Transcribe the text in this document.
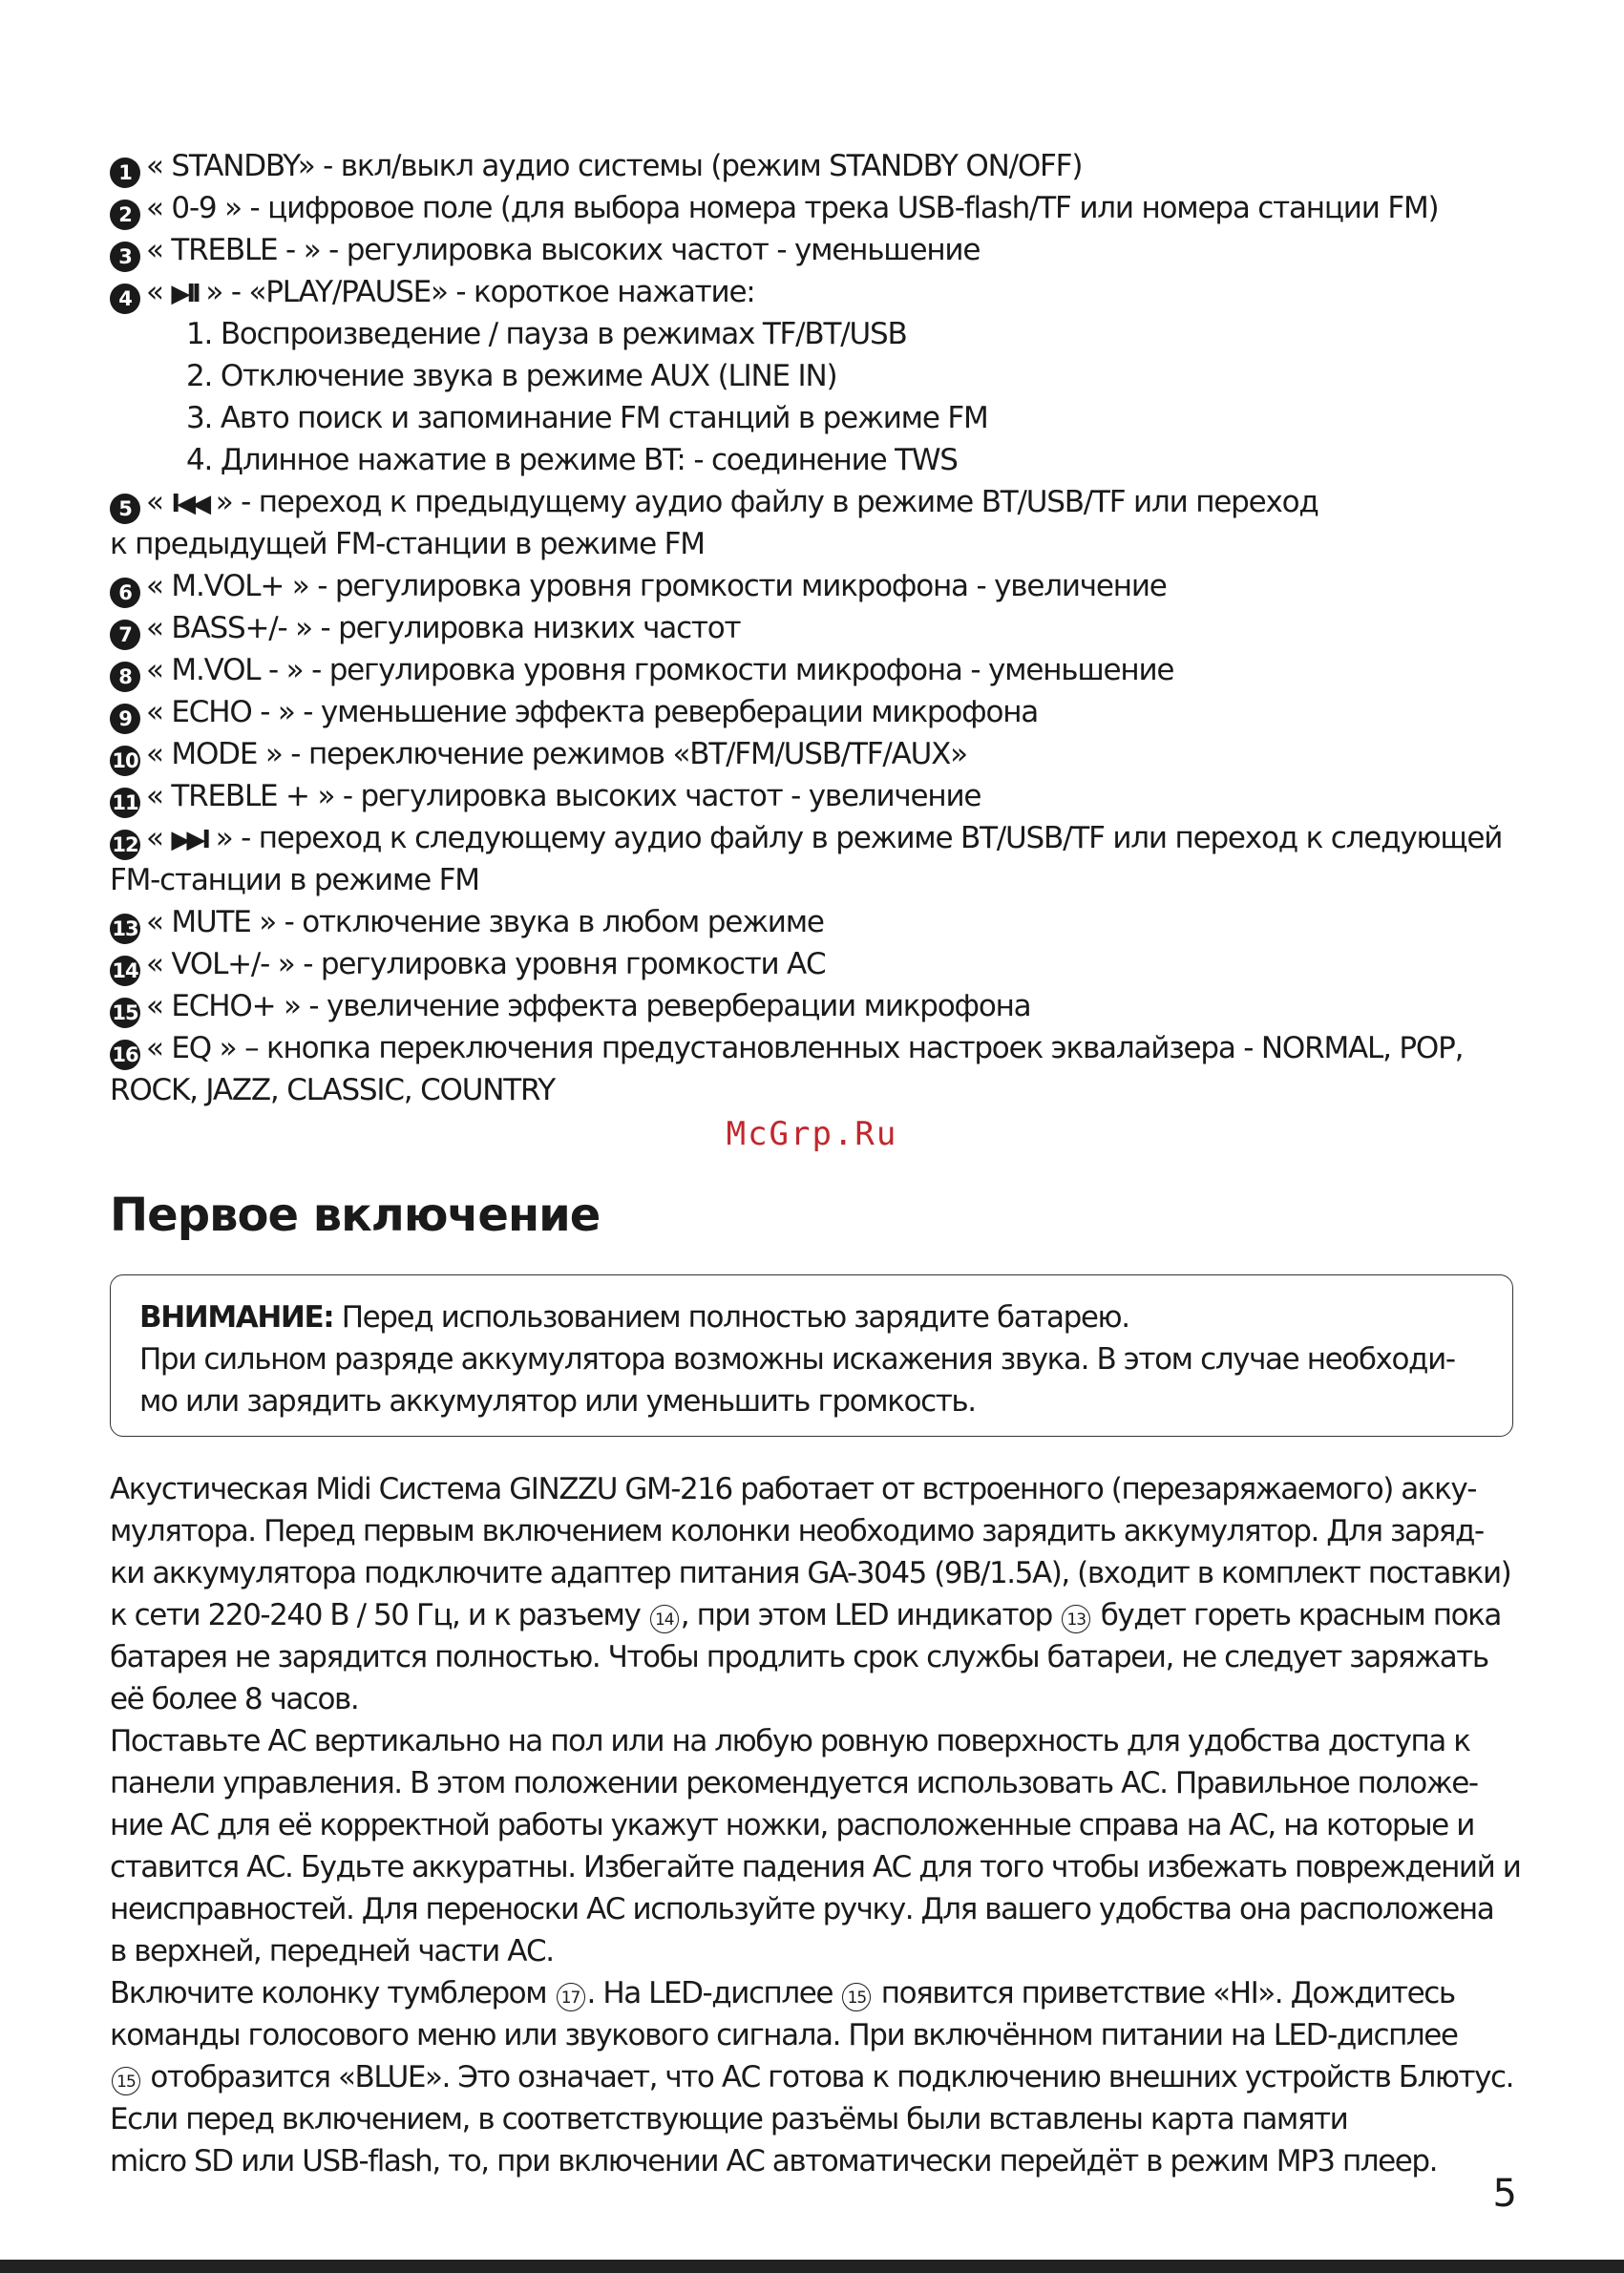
1 « STANDBY» - вкл/выкл аудио системы (режим STANDBY ON/OFF)
2 « 0-9 » - цифровое поле (для выбора номера трека USB-flash/TF или номера станции FM)
3 « TREBLE - » - регулировка высоких частот - уменьшение
4 « ▶II » - «PLAY/PAUSE» - короткое нажатие:
1. Воспроизведение / пауза в режимах TF/BT/USB
2. Отключение звука в режиме AUX (LINE IN)
3. Авто поиск и запоминание FM станций в режиме FM
4. Длинное нажатие в режиме BT: - соединение TWS
5 « I◀◀ » - переход к предыдущему аудио файлу в режиме BT/USB/TF или переход
к предыдущей FM-станции в режиме FM
6 « M.VOL+ » - регулировка уровня громкости микрофона - увеличение
7 « BASS+/- » - регулировка низких частот
8 « M.VOL - » - регулировка уровня громкости микрофона - уменьшение
9 « ECHO - » - уменьшение эффекта реверберации микрофона
10 « MODE » - переключение режимов «BT/FM/USB/TF/AUX»
11 « TREBLE + » - регулировка высоких частот - увеличение
12 « ▶▶I » - переход к следующему аудио файлу в режиме BT/USB/TF или переход к следующей
FM-станции в режиме FM
13 « MUTE » - отключение звука в любом режиме
14 « VOL+/- » - регулировка уровня громкости АС
15 « ECHO+ » - увеличение эффекта реверберации микрофона
16 « EQ » – кнопка переключения предустановленных настроек эквалайзера - NORMAL, POP,
ROCK, JAZZ, CLASSIC, COUNTRY
McGrp.Ru
Первое включение
ВНИМАНИЕ: Перед использованием полностью зарядите батарею.
При сильном разряде аккумулятора возможны искажения звука. В этом случае необходи-
мо или зарядить аккумулятор или уменьшить громкость.
Акустическая Midi Система GINZZU GM-216 работает от встроенного (перезаряжаемого) акку-
мулятора. Перед первым включением колонки необходимо зарядить аккумулятор. Для заряд-
ки аккумулятора подключите адаптер питания GA-3045 (9В/1.5А), (входит в комплект поставки)
к сети 220-240 В / 50 Гц, и к разъему 14 , при этом LED индикатор 13 будет гореть красным пока
батарея не зарядится полностью. Чтобы продлить срок службы батареи, не следует заряжать
её более 8 часов.
Поставьте АС вертикально на пол или на любую ровную поверхность для удобства доступа к
панели управления. В этом положении рекомендуется использовать АС. Правильное положе-
ние АС для её корректной работы укажут ножки, расположенные справа на АС, на которые и
ставится АС. Будьте аккуратны. Избегайте падения АС для того чтобы избежать повреждений и
неисправностей. Для переноски АС используйте ручку. Для вашего удобства она расположена
в верхней, передней части АС.
Включите колонку тумблером 17 . На LED-дисплее 15 появится приветствие «HI». Дождитесь
команды голосового меню или звукового сигнала. При включённом питании на LED-дисплее
15 отобразится «BLUE». Это означает, что АС готова к подключению внешних устройств Блютус.
Если перед включением, в соответствующие разъёмы были вставлены карта памяти
micro SD или USB-flash, то, при включении АС автоматически перейдёт в режим MP3 плеер.
5
